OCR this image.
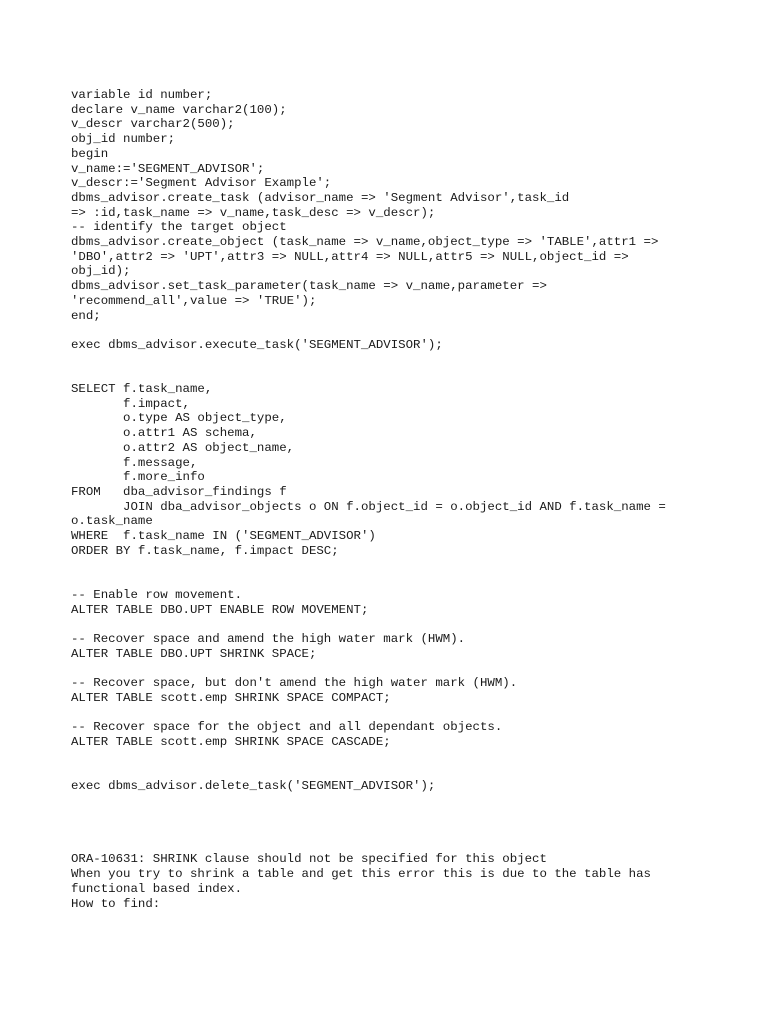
variable id number;
declare v_name varchar2(100);
v_descr varchar2(500);
obj_id number;
begin
v_name:='SEGMENT_ADVISOR';
v_descr:='Segment Advisor Example';
dbms_advisor.create_task (advisor_name => 'Segment Advisor',task_id
=> :id,task_name => v_name,task_desc => v_descr);
-- identify the target object
dbms_advisor.create_object (task_name => v_name,object_type => 'TABLE',attr1 =>
'DBO',attr2 => 'UPT',attr3 => NULL,attr4 => NULL,attr5 => NULL,object_id =>
obj_id);
dbms_advisor.set_task_parameter(task_name => v_name,parameter =>
'recommend_all',value => 'TRUE');
end;
exec dbms_advisor.execute_task('SEGMENT_ADVISOR');
SELECT f.task_name,
f.impact,
o.type AS object_type,
o.attr1 AS schema,
o.attr2 AS object_name,
f.message,
f.more_info
FROM   dba_advisor_findings f
JOIN dba_advisor_objects o ON f.object_id = o.object_id AND f.task_name =
o.task_name
WHERE  f.task_name IN ('SEGMENT_ADVISOR')
ORDER BY f.task_name, f.impact DESC;
-- Enable row movement.
ALTER TABLE DBO.UPT ENABLE ROW MOVEMENT;
-- Recover space and amend the high water mark (HWM).
ALTER TABLE DBO.UPT SHRINK SPACE;
-- Recover space, but don't amend the high water mark (HWM).
ALTER TABLE scott.emp SHRINK SPACE COMPACT;
-- Recover space for the object and all dependant objects.
ALTER TABLE scott.emp SHRINK SPACE CASCADE;
exec dbms_advisor.delete_task('SEGMENT_ADVISOR');
ORA-10631: SHRINK clause should not be specified for this object
When you try to shrink a table and get this error this is due to the table has
functional based index.
How to find:
